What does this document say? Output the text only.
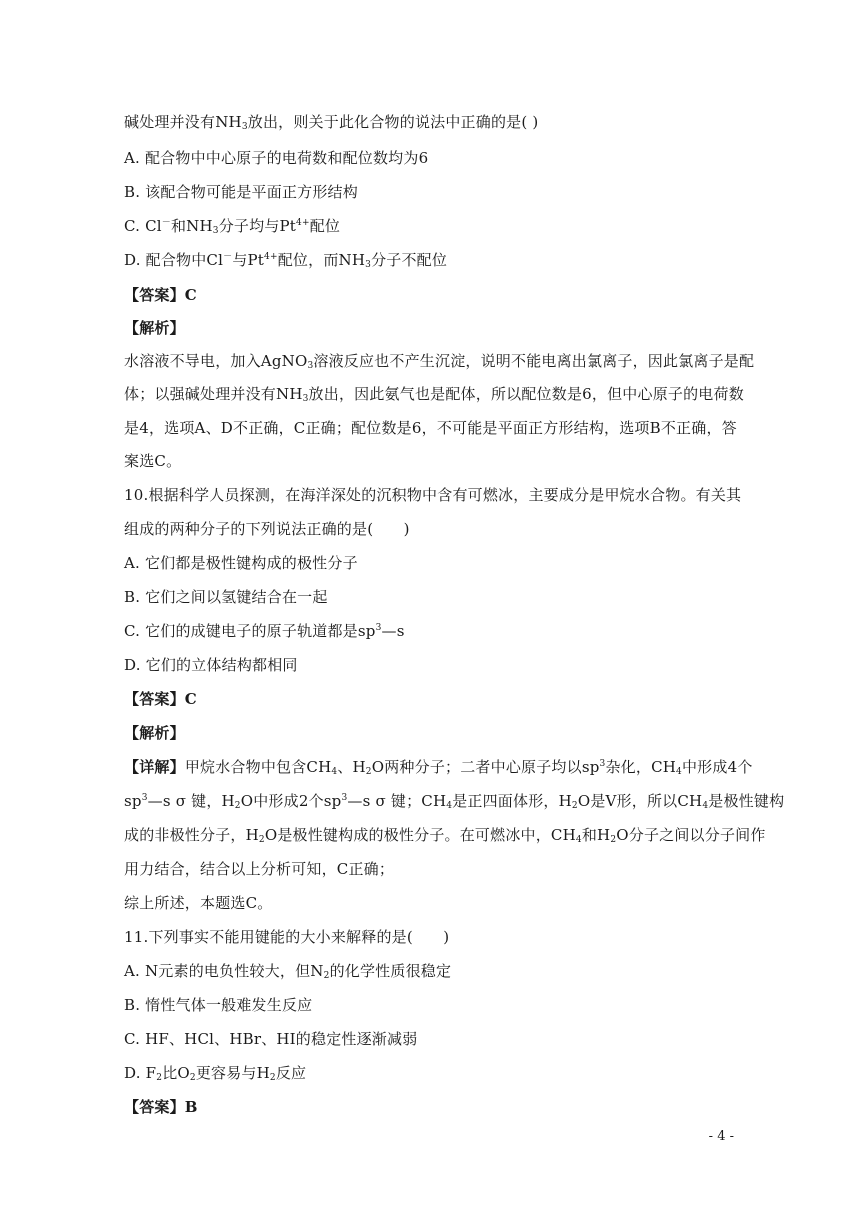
碱处理并没有$NH_3$放出，则关于此化合物的说法中正确的是( )
A. 配合物中中心原子的电荷数和配位数均为6
B. 该配合物可能是平面正方形结构
C. Cl－和$NH_3$分子均与$Pt^{4+}$配位
D. 配合物中Cl－与$Pt^{4+}$配位，而$NH_3$分子不配位
【答案】C
【解析】
水溶液不导电，加入AgNO$_3$溶液反应也不产生沉淀，说明不能电离出氯离子，因此氯离子是配
体；以强碱处理并没有$NH_3$放出，因此氨气也是配体，所以配位数是6，但中心原子的电荷数
是4，选项A、D不正确，C正确；配位数是6，不可能是平面正方形结构，选项B不正确，答
案选C。
10.根据科学人员探测，在海洋深处的沉积物中含有可燃冰，主要成分是甲烷水合物。有关其
组成的两种分子的下列说法正确的是(　　)
A. 它们都是极性键构成的极性分子
B. 它们之间以氢键结合在一起
C. 它们的成键电子的原子轨道都是$sp^3—s$
D. 它们的立体结构都相同
【答案】C
【解析】
【详解】甲烷水合物中包含$CH_4$、$H_2O$两种分子；二者中心原子均以$sp^3$杂化，$CH_4$中形成4个
$sp^3—s$ σ 键，$H_2O$中形成2个$sp^3—s$ σ 键；$CH_4$是正四面体形，$H_2O$是V形，所以$CH_4$是极性键构
成的非极性分子，$H_2O$是极性键构成的极性分子。在可燃冰中，$CH_4$和$H_2O$分子之间以分子间作
用力结合，结合以上分析可知，C正确；
综上所述，本题选C。
11.下列事实不能用键能的大小来解释的是(　　)
A. N元素的电负性较大，但$N_2$的化学性质很稳定
B. 惰性气体一般难发生反应
C. HF、HCl、HBr、HI的稳定性逐渐减弱
D. $F_2$比$O_2$更容易与$H_2$反应
【答案】B
- 4 -
